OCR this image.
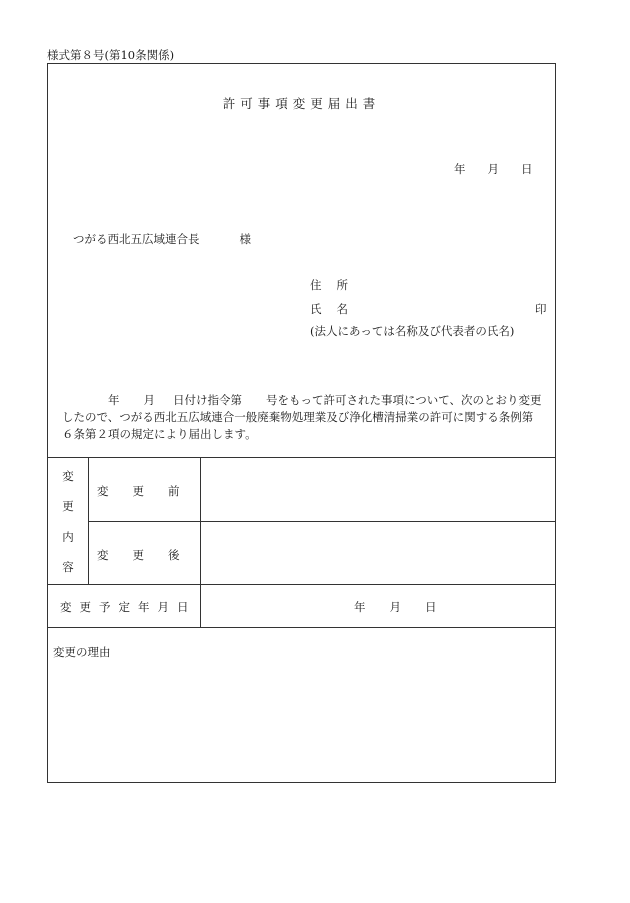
様式第８号(第10条関係)
許可事項変更届出書
年 月 日
つがる西北五広域連合長	様
住所
氏名	印
(法人にあっては名称及び代表者の氏名)
年 月 日付け指令第 号をもって許可された事項について、次のとおり変更したので、つがる西北五広域連合一般廃棄物処理業及び浄化槽清掃業の許可に関する条例第６条第２項の規定により届出します。
変
更
内
容
変更前
変更後
変更予定年月日	年 月 日
変更の理由
